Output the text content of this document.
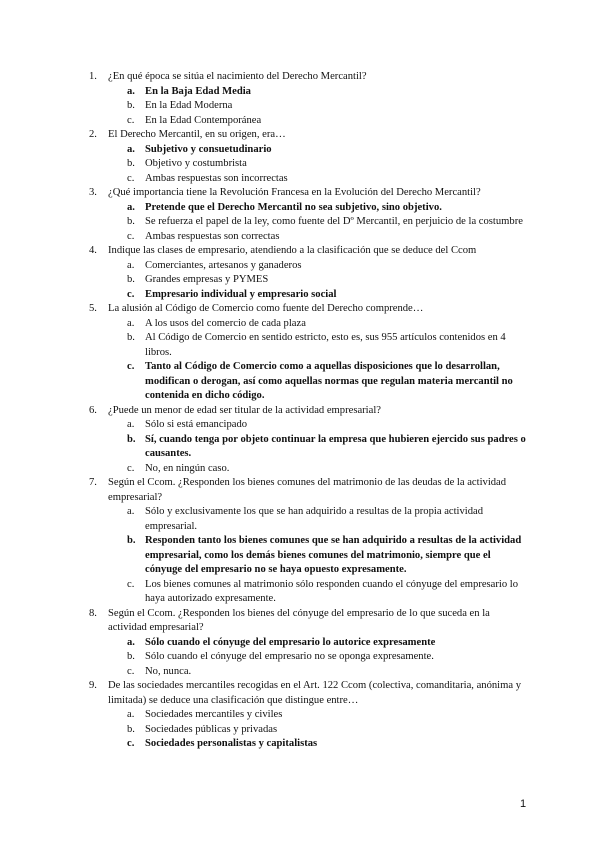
1. ¿En qué época se sitúa el nacimiento del Derecho Mercantil?
a. En la Baja Edad Media
b. En la Edad Moderna
c. En la Edad Contemporánea
2. El Derecho Mercantil, en su origen, era…
a. Subjetivo y consuetudinario
b. Objetivo y costumbrista
c. Ambas respuestas son incorrectas
3. ¿Qué importancia tiene la Revolución Francesa en la Evolución del Derecho Mercantil?
a. Pretende que el Derecho Mercantil no sea subjetivo, sino objetivo.
b. Se refuerza el papel de la ley, como fuente del Dº Mercantil, en perjuicio de la costumbre
c. Ambas respuestas son correctas
4. Indique las clases de empresario, atendiendo a la clasificación que se deduce del Ccom
a. Comerciantes, artesanos y ganaderos
b. Grandes empresas y PYMES
c. Empresario individual y empresario social
5. La alusión al Código de Comercio como fuente del Derecho comprende…
a. A los usos del comercio de cada plaza
b. Al Código de Comercio en sentido estricto, esto es, sus 955 artículos contenidos en 4 libros.
c. Tanto al Código de Comercio como a aquellas disposiciones que lo desarrollan, modifican o derogan, así como aquellas normas que regulan materia mercantil no contenida en dicho código.
6. ¿Puede un menor de edad ser titular de la actividad empresarial?
a. Sólo si está emancipado
b. Sí, cuando tenga por objeto continuar la empresa que hubieren ejercido sus padres o causantes.
c. No, en ningún caso.
7. Según el Ccom. ¿Responden los bienes comunes del matrimonio de las deudas de la actividad empresarial?
a. Sólo y exclusivamente los que se han adquirido a resultas de la propia actividad empresarial.
b. Responden tanto los bienes comunes que se han adquirido a resultas de la actividad empresarial, como los demás bienes comunes del matrimonio, siempre que el cónyuge del empresario no se haya opuesto expresamente.
c. Los bienes comunes al matrimonio sólo responden cuando el cónyuge del empresario lo haya autorizado expresamente.
8. Según el Ccom. ¿Responden los bienes del cónyuge del empresario de lo que suceda en la actividad empresarial?
a. Sólo cuando el cónyuge del empresario lo autorice expresamente
b. Sólo cuando el cónyuge del empresario no se oponga expresamente.
c. No, nunca.
9. De las sociedades mercantiles recogidas en el Art. 122 Ccom (colectiva, comanditaria, anónima y limitada) se deduce una clasificación que distingue entre…
a. Sociedades mercantiles y civiles
b. Sociedades públicas y privadas
c. Sociedades personalistas y capitalistas
1
